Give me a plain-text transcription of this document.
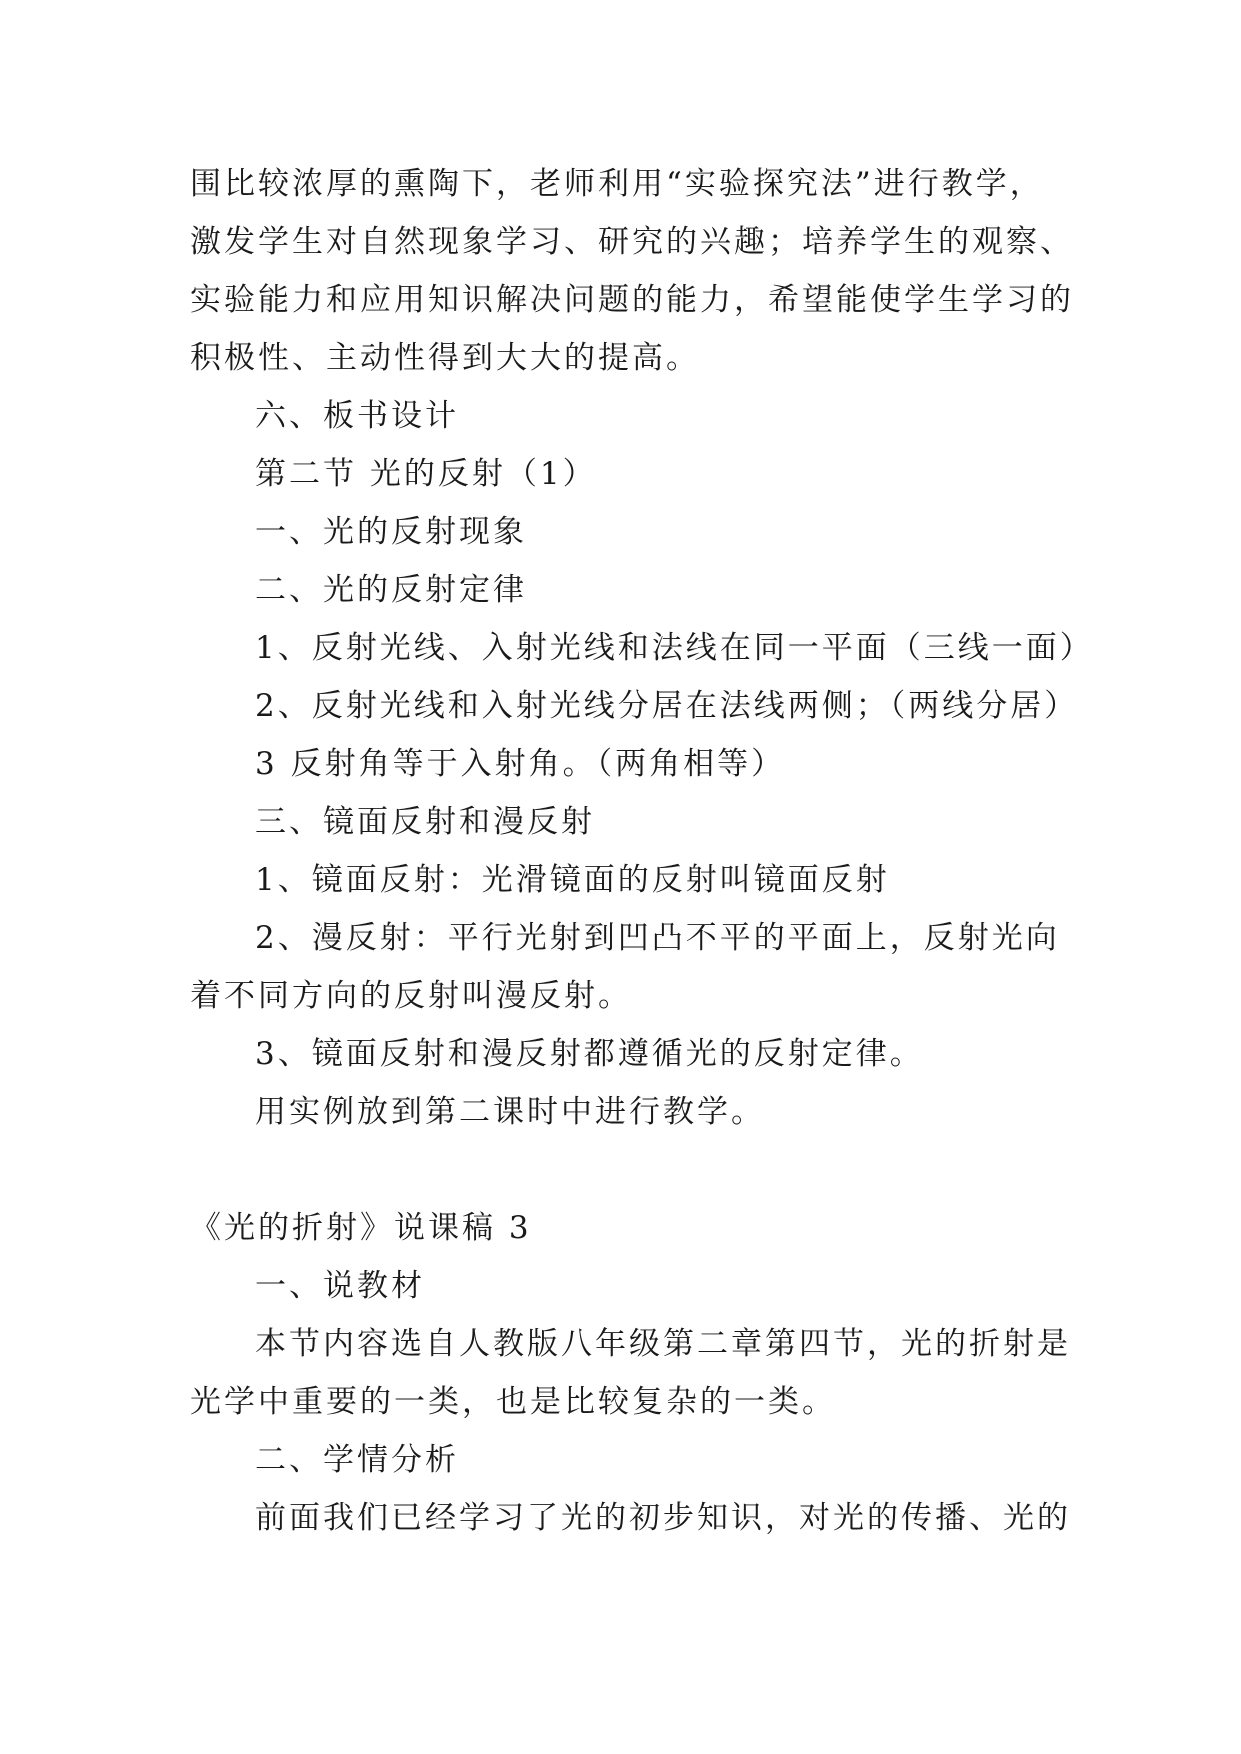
围比较浓厚的熏陶下，老师利用“实验探究法”进行教学，
激发学生对自然现象学习、研究的兴趣；培养学生的观察、
实验能力和应用知识解决问题的能力，希望能使学生学习的
积极性、主动性得到大大的提高。
六、板书设计
第二节 光的反射（1）
一、光的反射现象
二、光的反射定律
1、反射光线、入射光线和法线在同一平面（三线一面）
2、反射光线和入射光线分居在法线两侧；（两线分居）
3 反射角等于入射角。（两角相等）
三、镜面反射和漫反射
1、镜面反射：光滑镜面的反射叫镜面反射
2、漫反射：平行光射到凹凸不平的平面上，反射光向
着不同方向的反射叫漫反射。
3、镜面反射和漫反射都遵循光的反射定律。
用实例放到第二课时中进行教学。
《光的折射》说课稿 3
一、说教材
本节内容选自人教版八年级第二章第四节，光的折射是
光学中重要的一类，也是比较复杂的一类。
二、学情分析
前面我们已经学习了光的初步知识，对光的传播、光的
